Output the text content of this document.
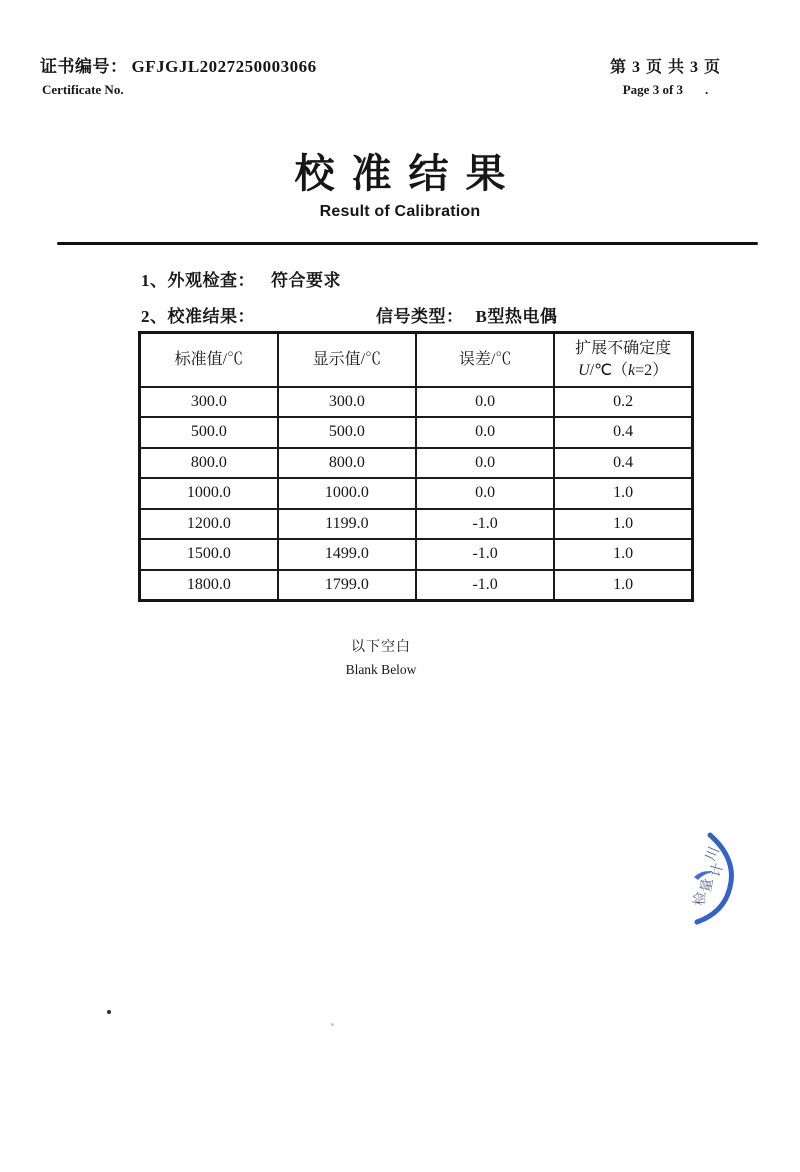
证书编号： GFJGJL2027250003066
Certificate No.
第 3 页 共 3 页
Page 3 of 3 .
校准结果
Result of Calibration
1、外观检查： 符合要求
2、校准结果：	信号类型： B型热电偶
标准值/℃	显示值/℃	误差/℃	扩展不确定度
U/℃（k=2）
300.0	300.0	0.0	0.2
500.0	500.0	0.0	0.4
800.0	800.0	0.0	0.4
1000.0	1000.0	0.0	1.0
1200.0	1199.0	-1.0	1.0
1500.0	1499.0	-1.0	1.0
1800.0	1799.0	-1.0	1.0
以下空白
Blank Below
川
计
量
检
